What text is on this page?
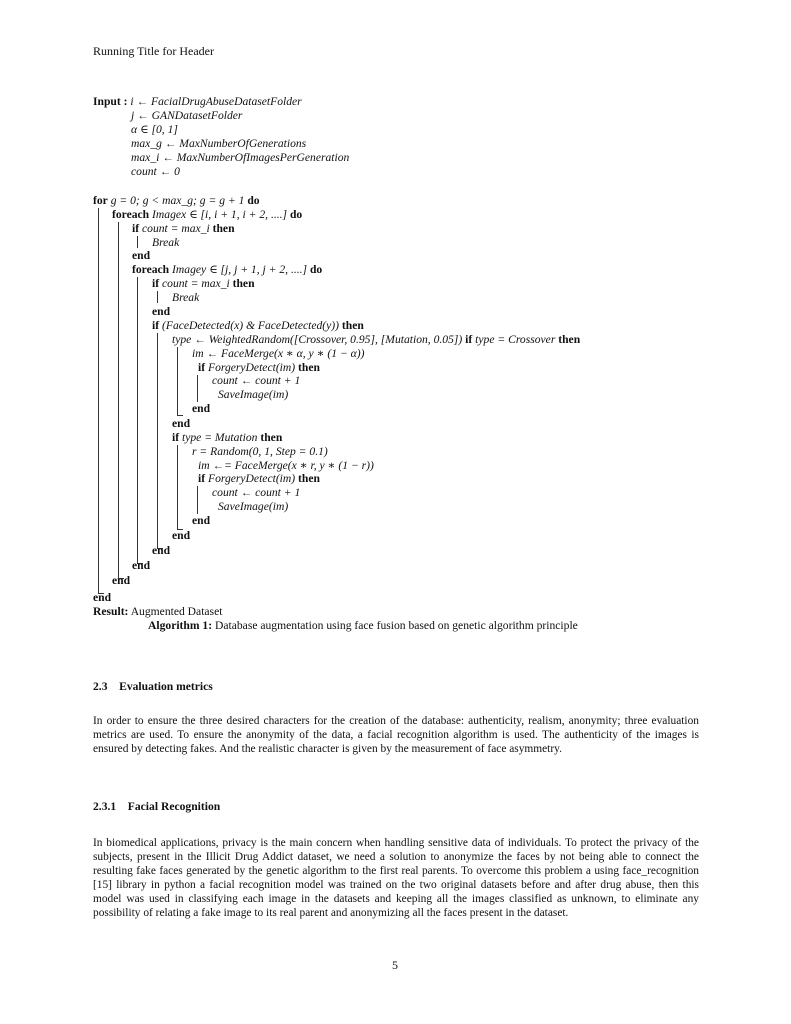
Running Title for Header
Input : i ← FacialDrugAbuseDatasetFolder
j ← GANDatasetFolder
α ∈ [0, 1]
max_g ← MaxNumberOfGenerations
max_i ← MaxNumberOfImagesPerGeneration
count ← 0
for g = 0; g < max_g; g = g + 1 do
foreach Imagex ∈ [i, i + 1, i + 2, ....] do
if count = max_i then
Break
end
foreach Imagey ∈ [j, j + 1, j + 2, ....] do
if count = max_i then
Break
end
if (FaceDetected(x) & FaceDetected(y)) then
type ← WeightedRandom([Crossover, 0.95], [Mutation, 0.05]) if type = Crossover then
im ← FaceMerge(x ∗ α, y ∗ (1 − α))
if ForgeryDetect(im) then
count ← count + 1
SaveImage(im)
end
end
if type = Mutation then
r = Random(0, 1, Step = 0.1)
im ←= FaceMerge(x ∗ r, y ∗ (1 − r))
if ForgeryDetect(im) then
count ← count + 1
SaveImage(im)
end
end
end
end
end
end
Result: Augmented Dataset
Algorithm 1: Database augmentation using face fusion based on genetic algorithm principle
2.3 Evaluation metrics
In order to ensure the three desired characters for the creation of the database: authenticity, realism, anonymity; three evaluation metrics are used. To ensure the anonymity of the data, a facial recognition algorithm is used. The authenticity of the images is ensured by detecting fakes. And the realistic character is given by the measurement of face asymmetry.
2.3.1 Facial Recognition
In biomedical applications, privacy is the main concern when handling sensitive data of individuals. To protect the privacy of the subjects, present in the Illicit Drug Addict dataset, we need a solution to anonymize the faces by not being able to connect the resulting fake faces generated by the genetic algorithm to the first real parents. To overcome this problem a using face_recognition [15] library in python a facial recognition model was trained on the two original datasets before and after drug abuse, then this model was used in classifying each image in the datasets and keeping all the images classified as unknown, to eliminate any possibility of relating a fake image to its real parent and anonymizing all the faces present in the dataset.
5
